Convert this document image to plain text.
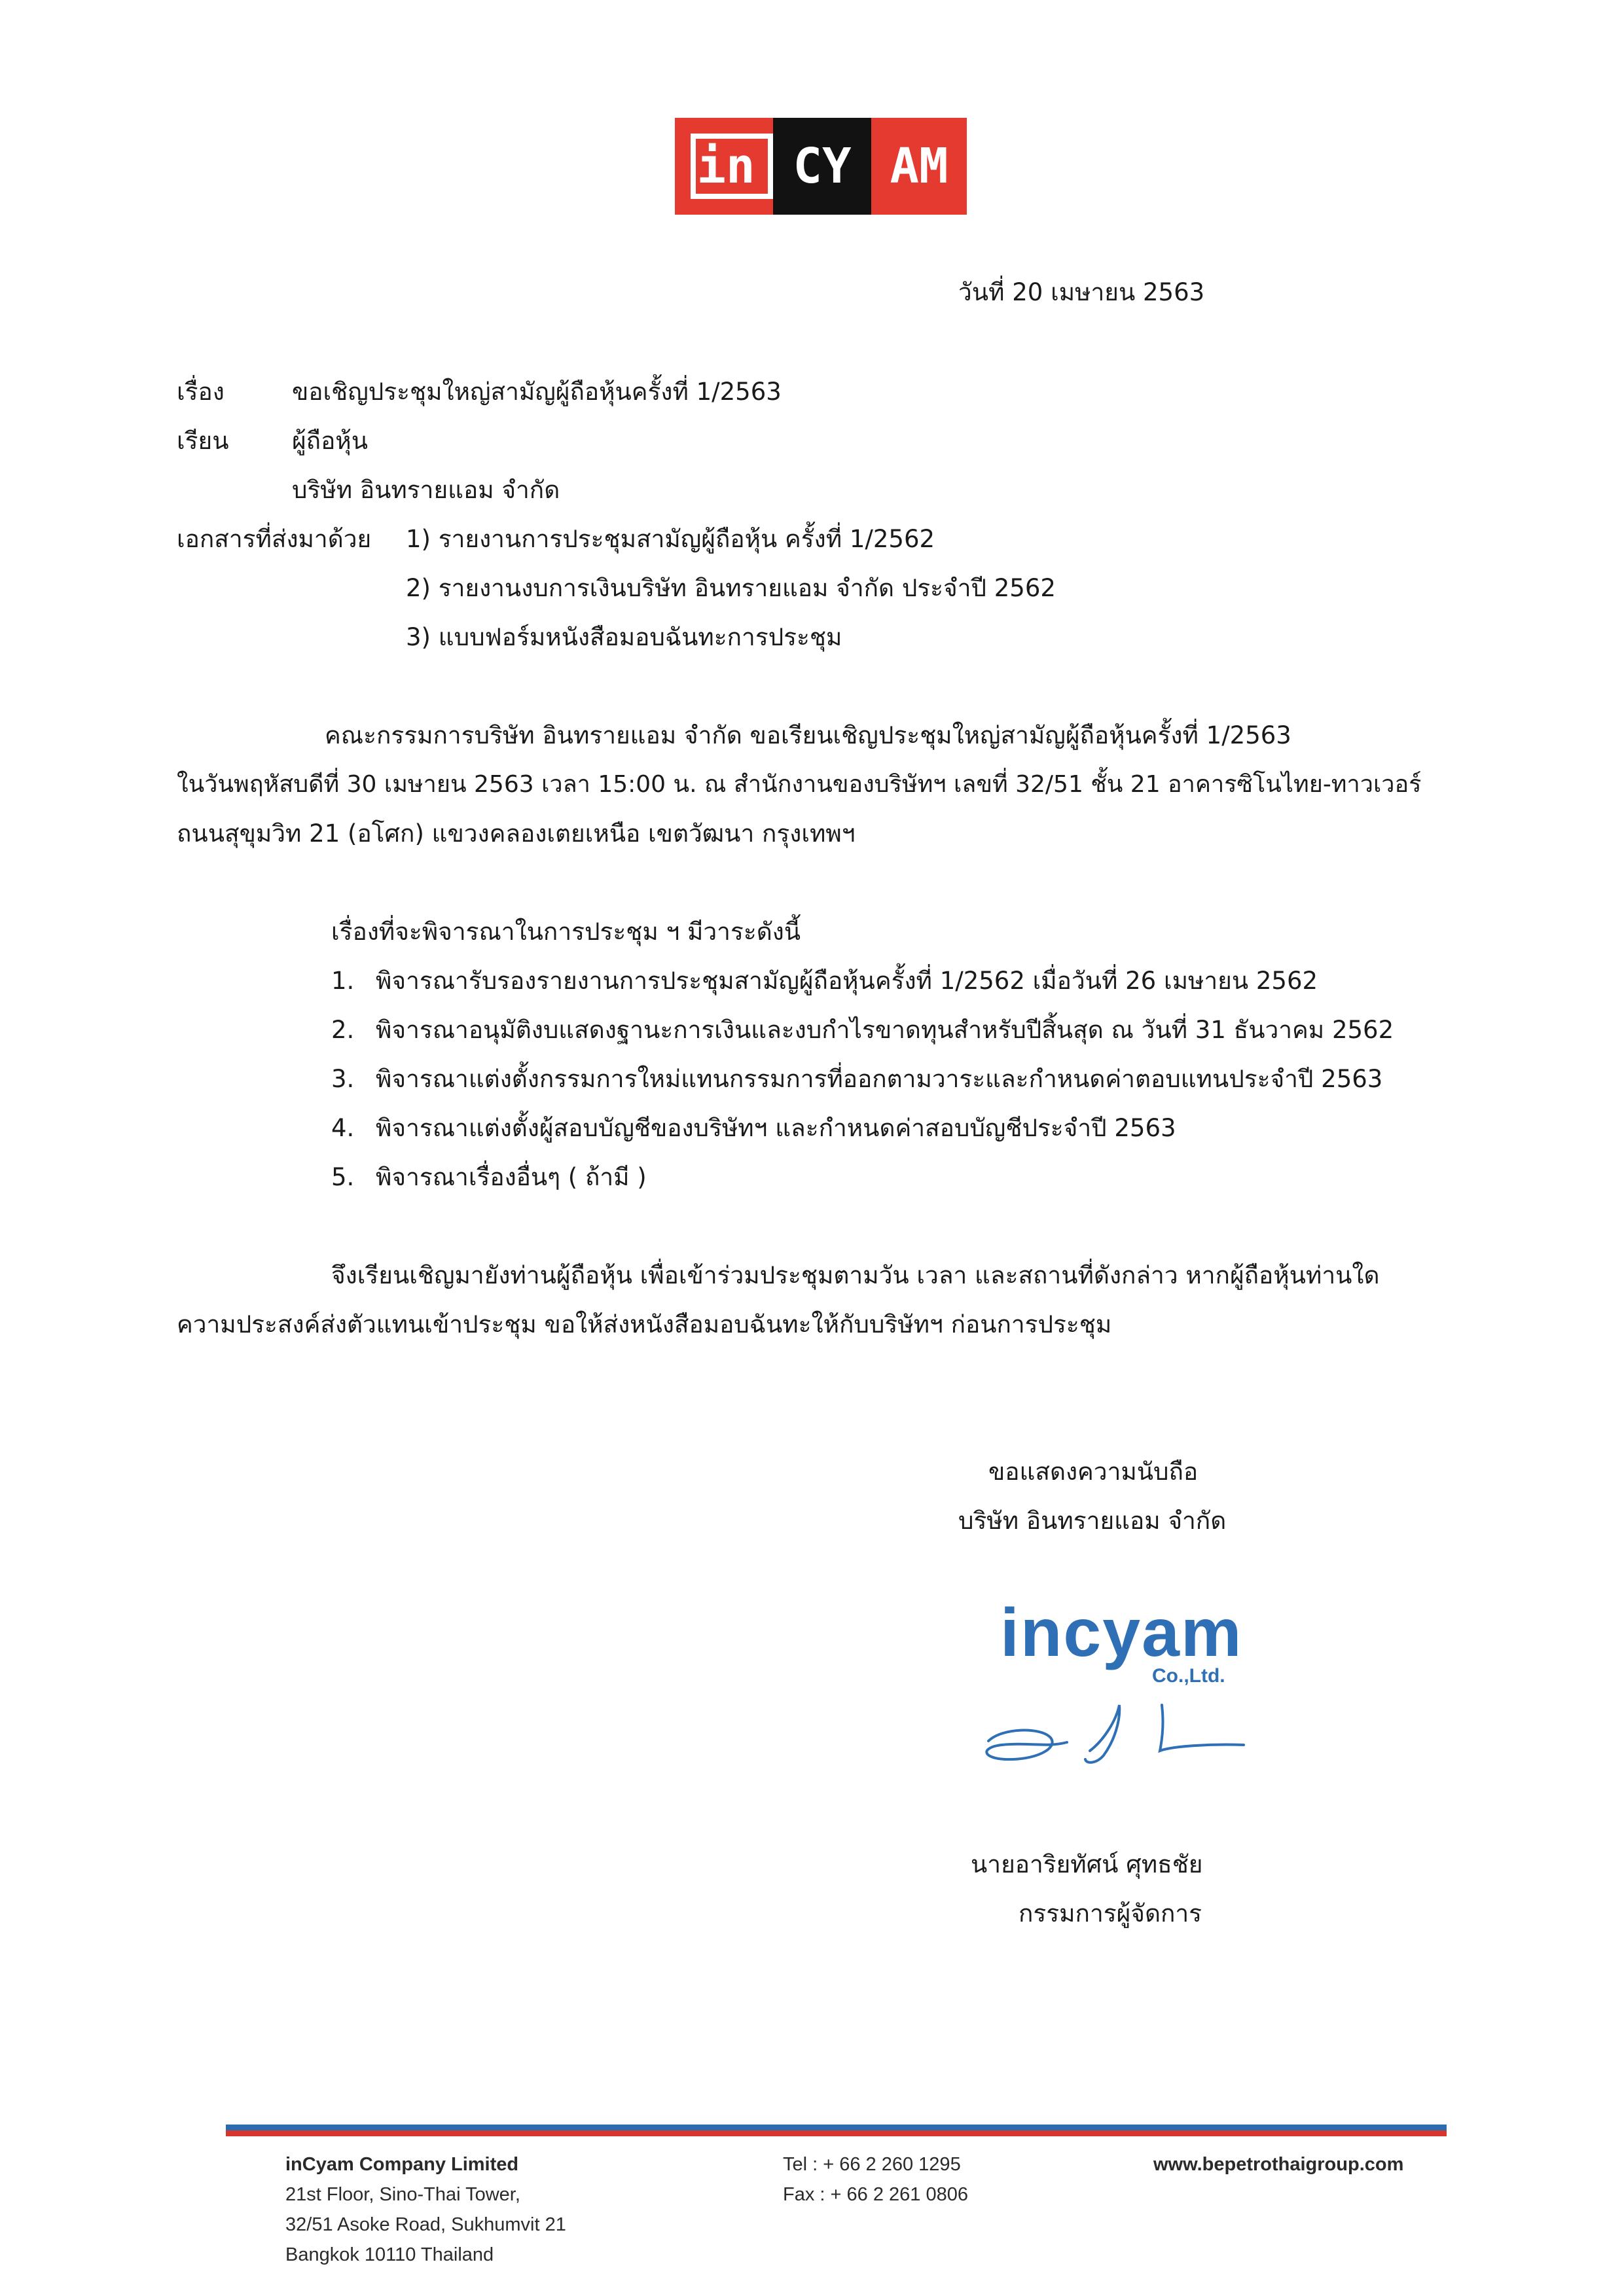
in CY AM
วันที่ 20 เมษายน 2563
เรื่อง	ขอเชิญประชุมใหญ่สามัญผู้ถือหุ้นครั้งที่ 1/2563
เรียน	ผู้ถือหุ้น
บริษัท อินทรายแอม จำกัด
เอกสารที่ส่งมาด้วย 1) รายงานการประชุมสามัญผู้ถือหุ้น ครั้งที่ 1/2562
2) รายงานงบการเงินบริษัท อินทรายแอม จำกัด ประจำปี 2562
3) แบบฟอร์มหนังสือมอบฉันทะการประชุม
คณะกรรมการบริษัท อินทรายแอม จำกัด ขอเรียนเชิญประชุมใหญ่สามัญผู้ถือหุ้นครั้งที่ 1/2563
ในวันพฤหัสบดีที่ 30 เมษายน 2563 เวลา 15:00 น. ณ สำนักงานของบริษัทฯ เลขที่ 32/51 ชั้น 21 อาคารซิโนไทย-ทาวเวอร์
ถนนสุขุมวิท 21 (อโศก) แขวงคลองเตยเหนือ เขตวัฒนา กรุงเทพฯ
เรื่องที่จะพิจารณาในการประชุม ฯ มีวาระดังนี้
1. พิจารณารับรองรายงานการประชุมสามัญผู้ถือหุ้นครั้งที่ 1/2562 เมื่อวันที่ 26 เมษายน 2562
2. พิจารณาอนุมัติงบแสดงฐานะการเงินและงบกำไรขาดทุนสำหรับปีสิ้นสุด ณ วันที่ 31 ธันวาคม 2562
3. พิจารณาแต่งตั้งกรรมการใหม่แทนกรรมการที่ออกตามวาระและกำหนดค่าตอบแทนประจำปี 2563
4. พิจารณาแต่งตั้งผู้สอบบัญชีของบริษัทฯ และกำหนดค่าสอบบัญชีประจำปี 2563
5. พิจารณาเรื่องอื่นๆ ( ถ้ามี )
จึงเรียนเชิญมายังท่านผู้ถือหุ้น เพื่อเข้าร่วมประชุมตามวัน เวลา และสถานที่ดังกล่าว หากผู้ถือหุ้นท่านใด
ความประสงค์ส่งตัวแทนเข้าประชุม ขอให้ส่งหนังสือมอบฉันทะให้กับบริษัทฯ ก่อนการประชุม
ขอแสดงความนับถือ
บริษัท อินทรายแอม จำกัด
incyam
Co.,Ltd.
นายอาริยทัศน์ ศุทธชัย
กรรมการผู้จัดการ
inCyam Company Limited
21st Floor, Sino-Thai Tower,
32/51 Asoke Road, Sukhumvit 21
Bangkok 10110 Thailand
Tel : + 66 2 260 1295
Fax : + 66 2 261 0806
www.bepetrothaigroup.com
